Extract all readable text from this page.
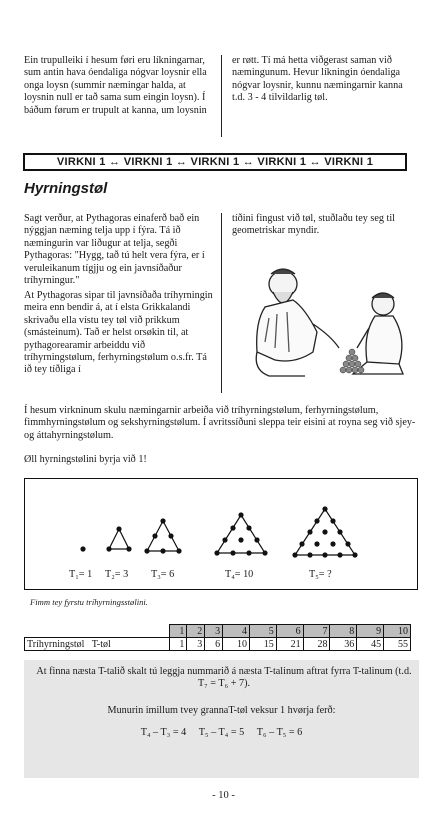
Ein trupulleiki í hesum føri eru líkningarnar, sum antin hava óendaliga nógvar loysnir ella onga loysn (summir næmingar halda, at loysnin null er tað sama sum eingin loysn). Í báðum førum er trupult at kanna, um loysnin
er røtt. Tí má hetta viðgerast saman við næmingunum. Hevur líkningin óendaliga nógvar loysnir, kunnu næmingarnir kanna t.d. 3 - 4 tilvildarlig tøl.
VIRKNI 1 ↔ VIRKNI 1 ↔ VIRKNI 1 ↔ VIRKNI 1 ↔ VIRKNI 1
Hyrningstøl
Sagt verður, at Pythagoras einaferð bað ein nýggjan næming telja upp í fýra. Tá ið næmingurin var liðugur at telja, segði Pythagoras: "Hygg, tað tú helt vera fýra, er í veruleikanum tígjju og ein javnsíðaður tríhyrningur."
At Pythagoras sipar til javnsíðaða tríhyrningin meira enn bendir á, at í elsta Grikkalandi skrivaðu ella vístu tey tøl við prikkum (smásteinum). Tað er helst orsøkin til, at pythagorearamir arbeiddu við tríhyrningstølum, ferhyrningstølum o.s.fr. Tá ið tey tíðliga í
tíðini fingust við tøl, stuðlaðu tey seg til geometriskar myndir.
Í hesum virkninum skulu næmingarnir arbeiða við tríhyrningstølum, ferhyrningstølum, fimmhyrningstølum og sekshyrningstølum. Í avritssíðuni sleppa teir eisini at royna seg við sjey- og áttahyrningstølum.
Øll hyrningstølini byrja við 1!
T₁= 1 T₂= 3 T₃= 6	T₄= 10	T₅= ?
Fimm tey fyrstu tríhyrningsstølini.
	1	2	3	4	5	6	7	8	9	10
Tríhyrningstøl   T-tøl	1	3	6	10	15	21	28	36	45	55
At finna næsta T-talið skalt tú leggja nummarið á næsta T-talinum aftrat fyrra T-talinum (t.d. T₇ = T₆ + 7).
Munurin imillum tvey grannaT-tøl veksur 1 hvørja ferð:
T₄ – T₃ = 4     T₅ – T₄ = 5     T₆ – T₅ = 6
- 10 -
